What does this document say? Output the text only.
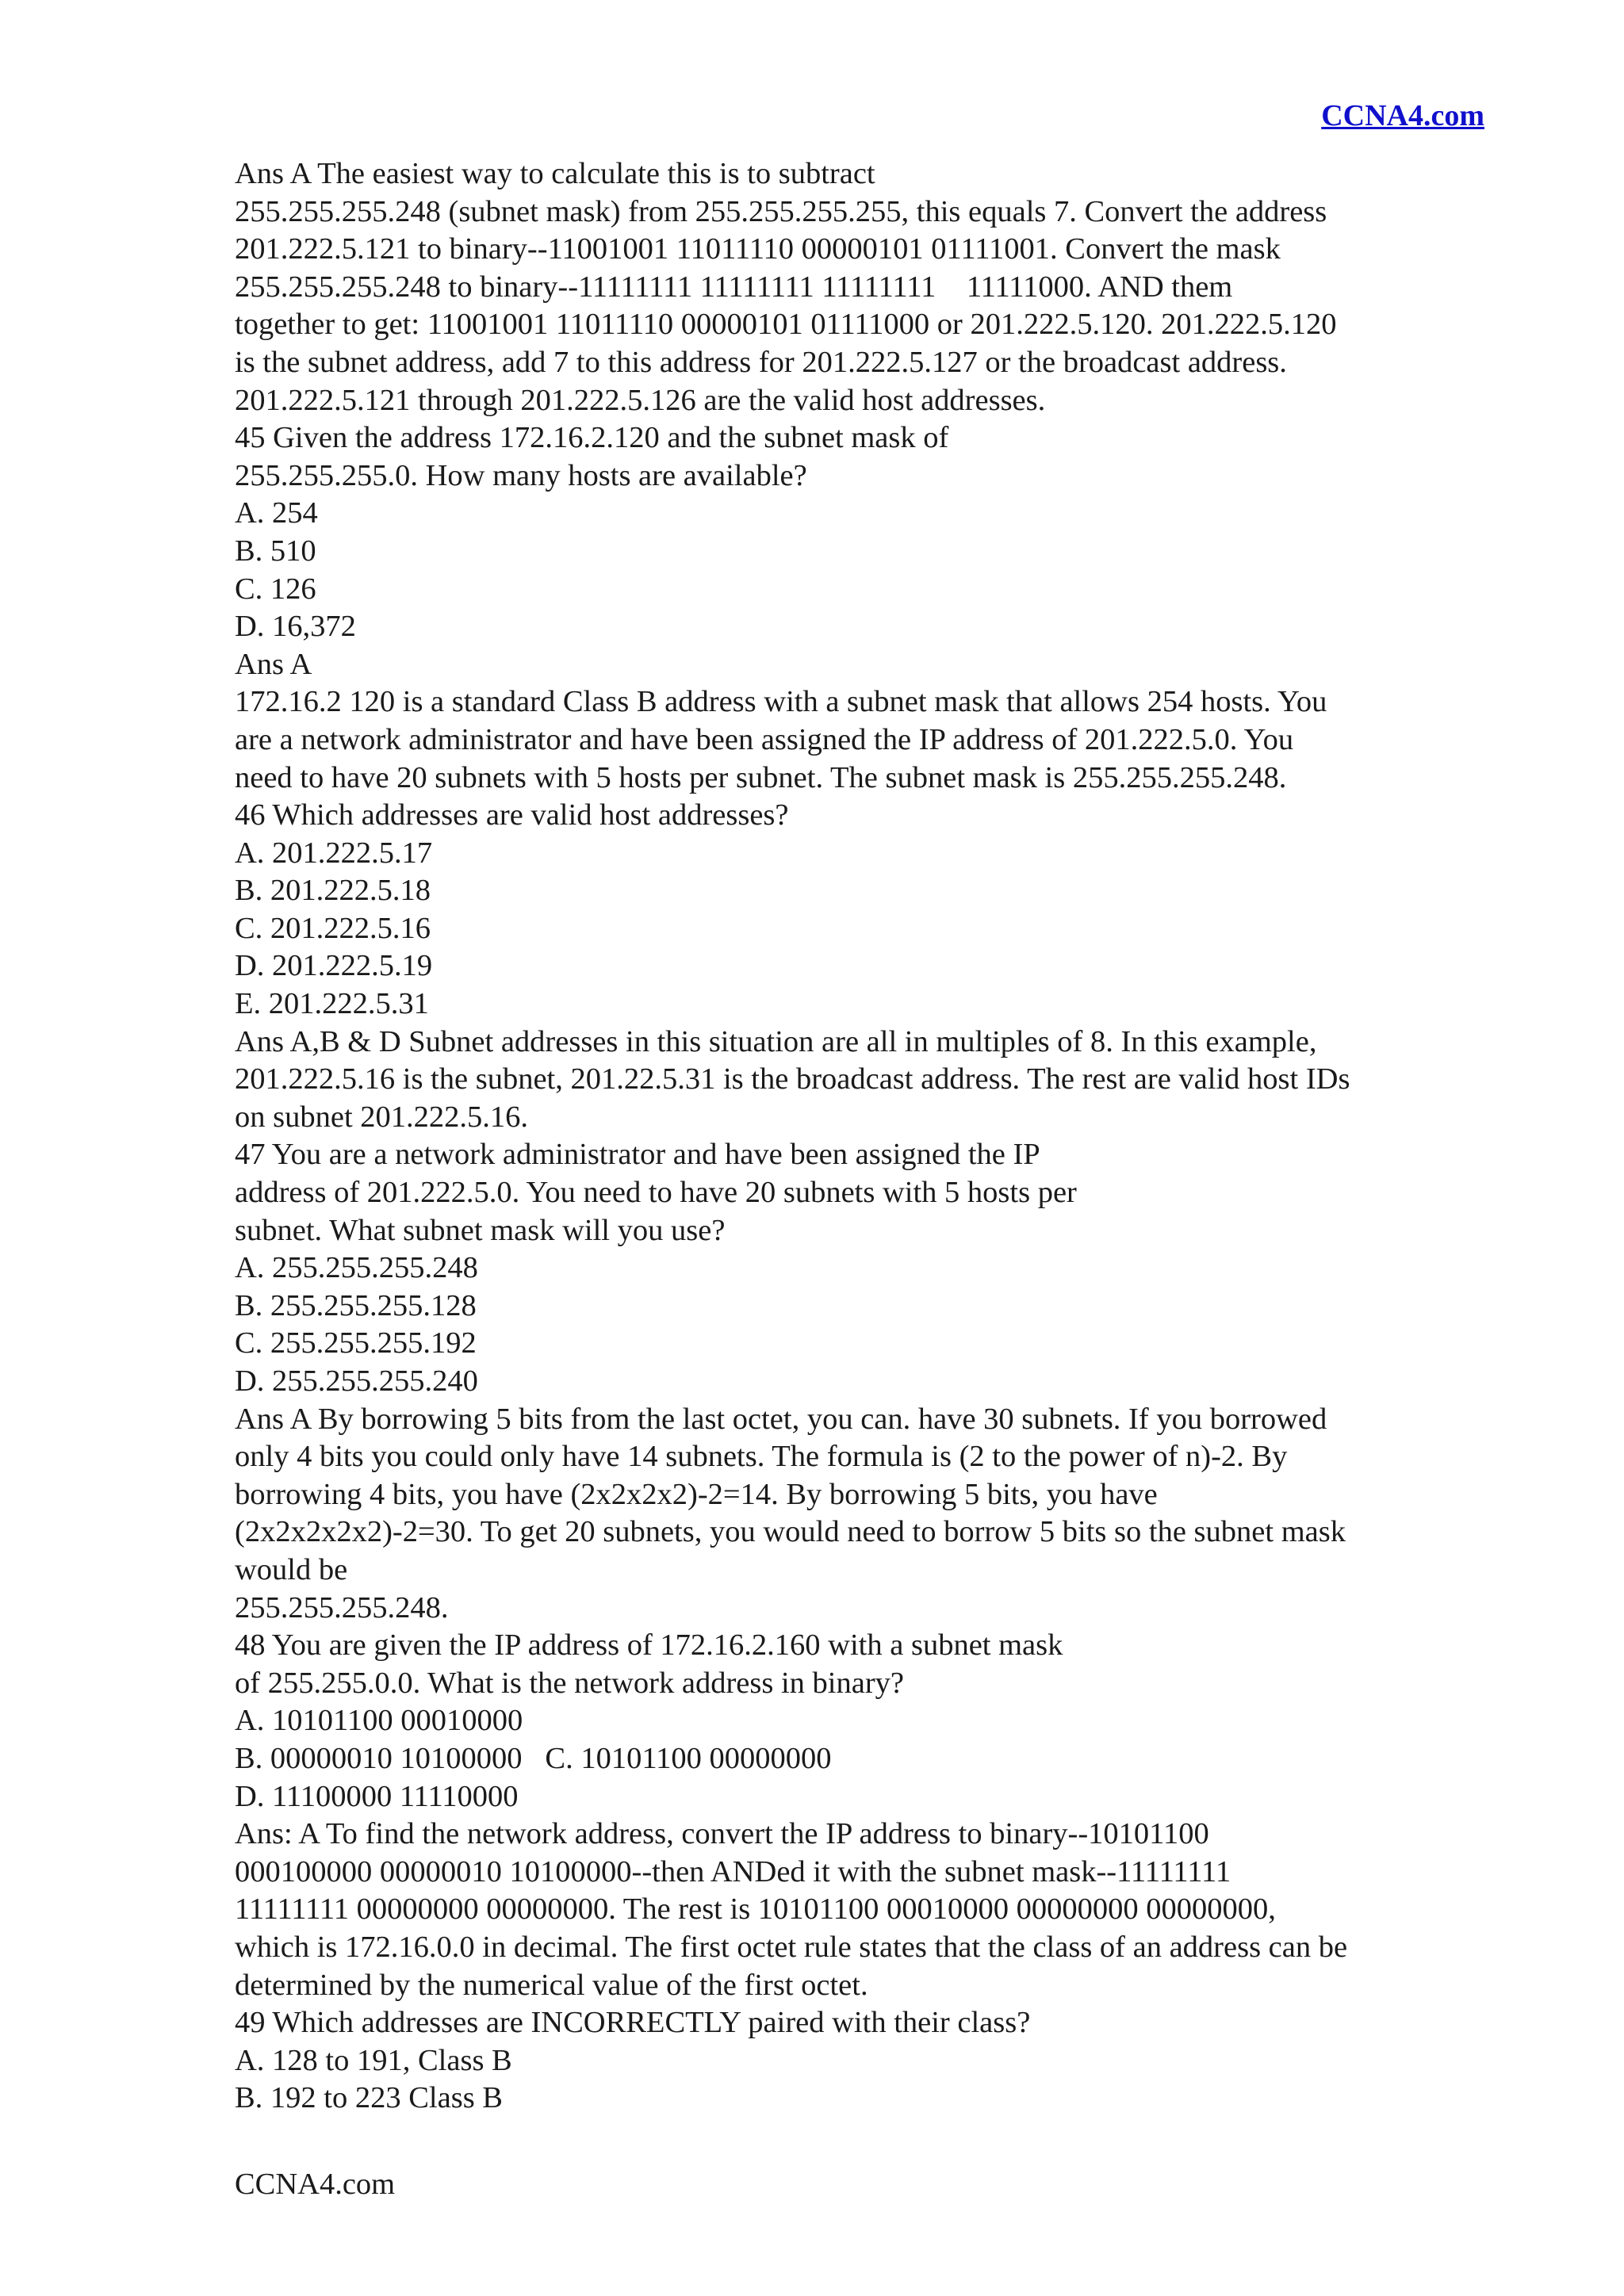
CCNA4.com
Ans A The easiest way to calculate this is to subtract
255.255.255.248 (subnet mask) from 255.255.255.255, this equals 7. Convert the address
201.222.5.121 to binary--11001001 11011110 00000101 01111001. Convert the mask
255.255.255.248 to binary--11111111 11111111 11111111    11111000. AND them
together to get: 11001001 11011110 00000101 01111000 or 201.222.5.120. 201.222.5.120
is the subnet address, add 7 to this address for 201.222.5.127 or the broadcast address.
201.222.5.121 through 201.222.5.126 are the valid host addresses.
45 Given the address 172.16.2.120 and the subnet mask of
255.255.255.0. How many hosts are available?
A. 254
B. 510
C. 126
D. 16,372
Ans A
172.16.2 120 is a standard Class B address with a subnet mask that allows 254 hosts. You
are a network administrator and have been assigned the IP address of 201.222.5.0. You
need to have 20 subnets with 5 hosts per subnet. The subnet mask is 255.255.255.248.
46 Which addresses are valid host addresses?
A. 201.222.5.17
B. 201.222.5.18
C. 201.222.5.16
D. 201.222.5.19
E. 201.222.5.31
Ans A,B & D Subnet addresses in this situation are all in multiples of 8. In this example,
201.222.5.16 is the subnet, 201.22.5.31 is the broadcast address. The rest are valid host IDs
on subnet 201.222.5.16.
47 You are a network administrator and have been assigned the IP
address of 201.222.5.0. You need to have 20 subnets with 5 hosts per
subnet. What subnet mask will you use?
A. 255.255.255.248
B. 255.255.255.128
C. 255.255.255.192
D. 255.255.255.240
Ans A By borrowing 5 bits from the last octet, you can. have 30 subnets. If you borrowed
only 4 bits you could only have 14 subnets. The formula is (2 to the power of n)-2. By
borrowing 4 bits, you have (2x2x2x2)-2=14. By borrowing 5 bits, you have
(2x2x2x2x2)-2=30. To get 20 subnets, you would need to borrow 5 bits so the subnet mask
would be
255.255.255.248.
48 You are given the IP address of 172.16.2.160 with a subnet mask
of 255.255.0.0. What is the network address in binary?
A. 10101100 00010000
B. 00000010 10100000   C. 10101100 00000000
D. 11100000 11110000
Ans: A To find the network address, convert the IP address to binary--10101100
000100000 00000010 10100000--then ANDed it with the subnet mask--11111111
11111111 00000000 00000000. The rest is 10101100 00010000 00000000 00000000,
which is 172.16.0.0 in decimal. The first octet rule states that the class of an address can be
determined by the numerical value of the first octet.
49 Which addresses are INCORRECTLY paired with their class?
A. 128 to 191, Class B
B. 192 to 223 Class B
CCNA4.com
